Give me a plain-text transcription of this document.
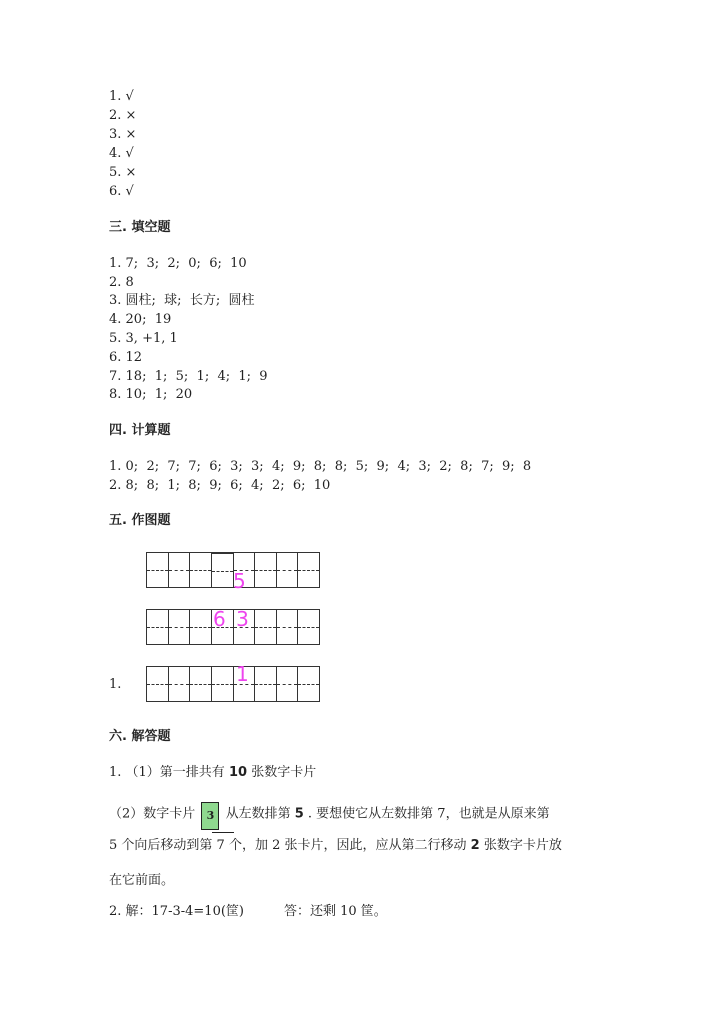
1. √
2. ×
3. ×
4. √
5. ×
6. √
三. 填空题
1. 7;  3;  2;  0;  6;  10
2. 8
3. 圆柱;  球;  长方;  圆柱
4. 20;  19
5. 3, +1, 1
6. 12
7. 18;  1;  5;  1;  4;  1;  9
8. 10;  1;  20
四. 计算题
1. 0;  2;  7;  7;  6;  3;  3;  4;  9;  8;  8;  5;  9;  4;  3;  2;  8;  7;  9;  8
2. 8;  8;  1;  8;  9;  6;  4;  2;  6;  10
五. 作图题
5
6 3
1.	1
六. 解答题
1. （1）第一排共有 10 张数字卡片
（2）数字卡片 3 从左数排第 5 . 要想使它从左数排第 7，也就是从原来第
5 个向后移动到第 7 个，加 2 张卡片，因此，应从第二行移动 2 张数字卡片放
在它前面。
2. 解：17-3-4=10(筐)	答：还剩 10 筐。
